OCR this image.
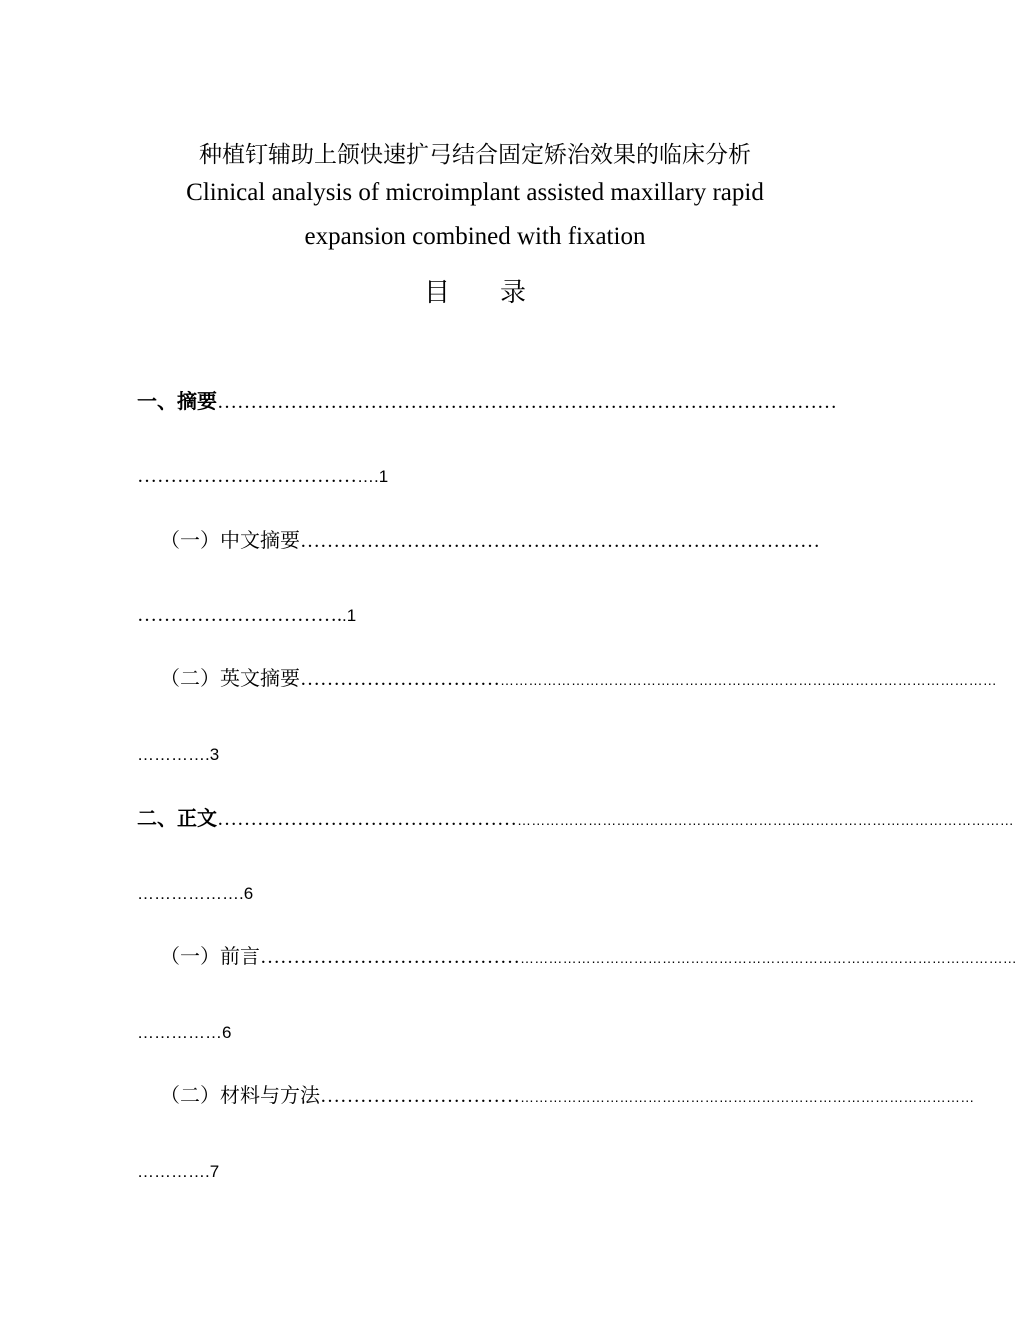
种植钉辅助上颌快速扩弓结合固定矫治效果的临床分析
Clinical analysis of microimplant assisted maxillary rapid
expansion combined with fixation
目录
一、摘要…………………………………………………………………………………
……………………………….1
（一）中文摘要……………………………………………………………………
…………………………..1
（二）英文摘要………………………………………………………………………………………………………………………
………….3
二、正文……………………………………………………………………………………………………………………………………
……………….6
（一）前言………………………………………………………………………………………………………………………………
……………6
（二）材料与方法………………………………………………………………………………………………………………
………….7
